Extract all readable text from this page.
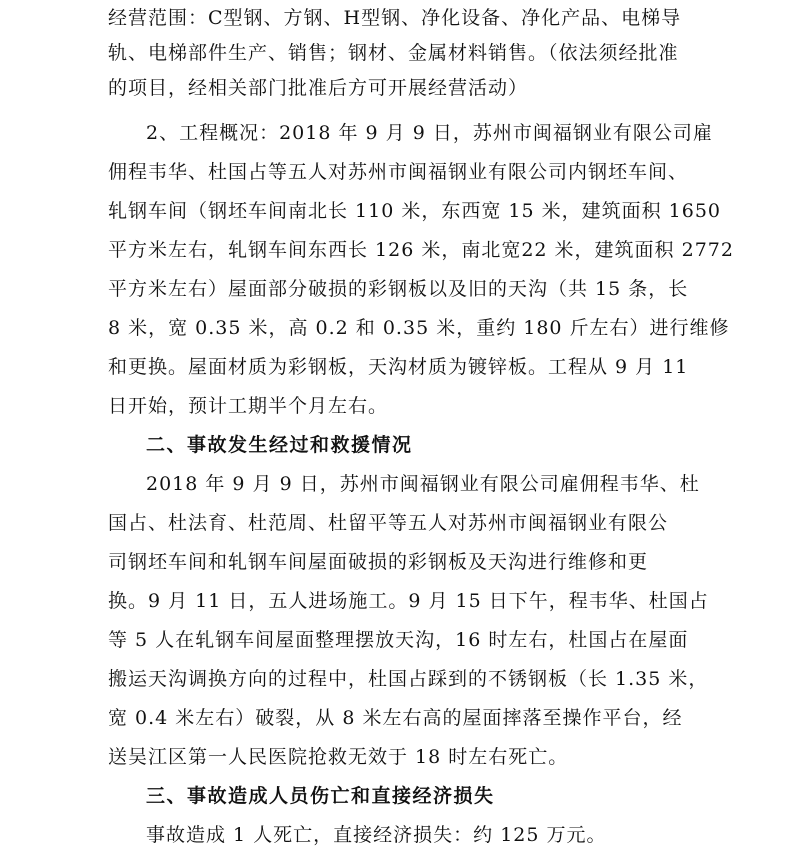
经营范围：C型钢、方钢、H型钢、净化设备、净化产品、电梯导
轨、电梯部件生产、销售；钢材、金属材料销售。（依法须经批准
的项目，经相关部门批准后方可开展经营活动）
2、工程概况：2018 年 9 月 9 日，苏州市闽福钢业有限公司雇
佣程韦华、杜国占等五人对苏州市闽福钢业有限公司内钢坯车间、
轧钢车间（钢坯车间南北长 110 米，东西宽 15 米，建筑面积 1650
平方米左右，轧钢车间东西长 126 米，南北宽22 米，建筑面积 2772
平方米左右）屋面部分破损的彩钢板以及旧的天沟（共 15 条，长
8 米，宽 0.35 米，高 0.2 和 0.35 米，重约 180 斤左右）进行维修
和更换。屋面材质为彩钢板，天沟材质为镀锌板。工程从 9 月 11
日开始，预计工期半个月左右。
二、事故发生经过和救援情况
2018 年 9 月 9 日，苏州市闽福钢业有限公司雇佣程韦华、杜
国占、杜法育、杜范周、杜留平等五人对苏州市闽福钢业有限公
司钢坯车间和轧钢车间屋面破损的彩钢板及天沟进行维修和更
换。9 月 11 日，五人进场施工。9 月 15 日下午，程韦华、杜国占
等 5 人在轧钢车间屋面整理摆放天沟，16 时左右，杜国占在屋面
搬运天沟调换方向的过程中，杜国占踩到的不锈钢板（长 1.35 米，
宽 0.4 米左右）破裂，从 8 米左右高的屋面摔落至操作平台，经
送吴江区第一人民医院抢救无效于 18 时左右死亡。
三、事故造成人员伤亡和直接经济损失
事故造成 1 人死亡，直接经济损失：约 125 万元。
